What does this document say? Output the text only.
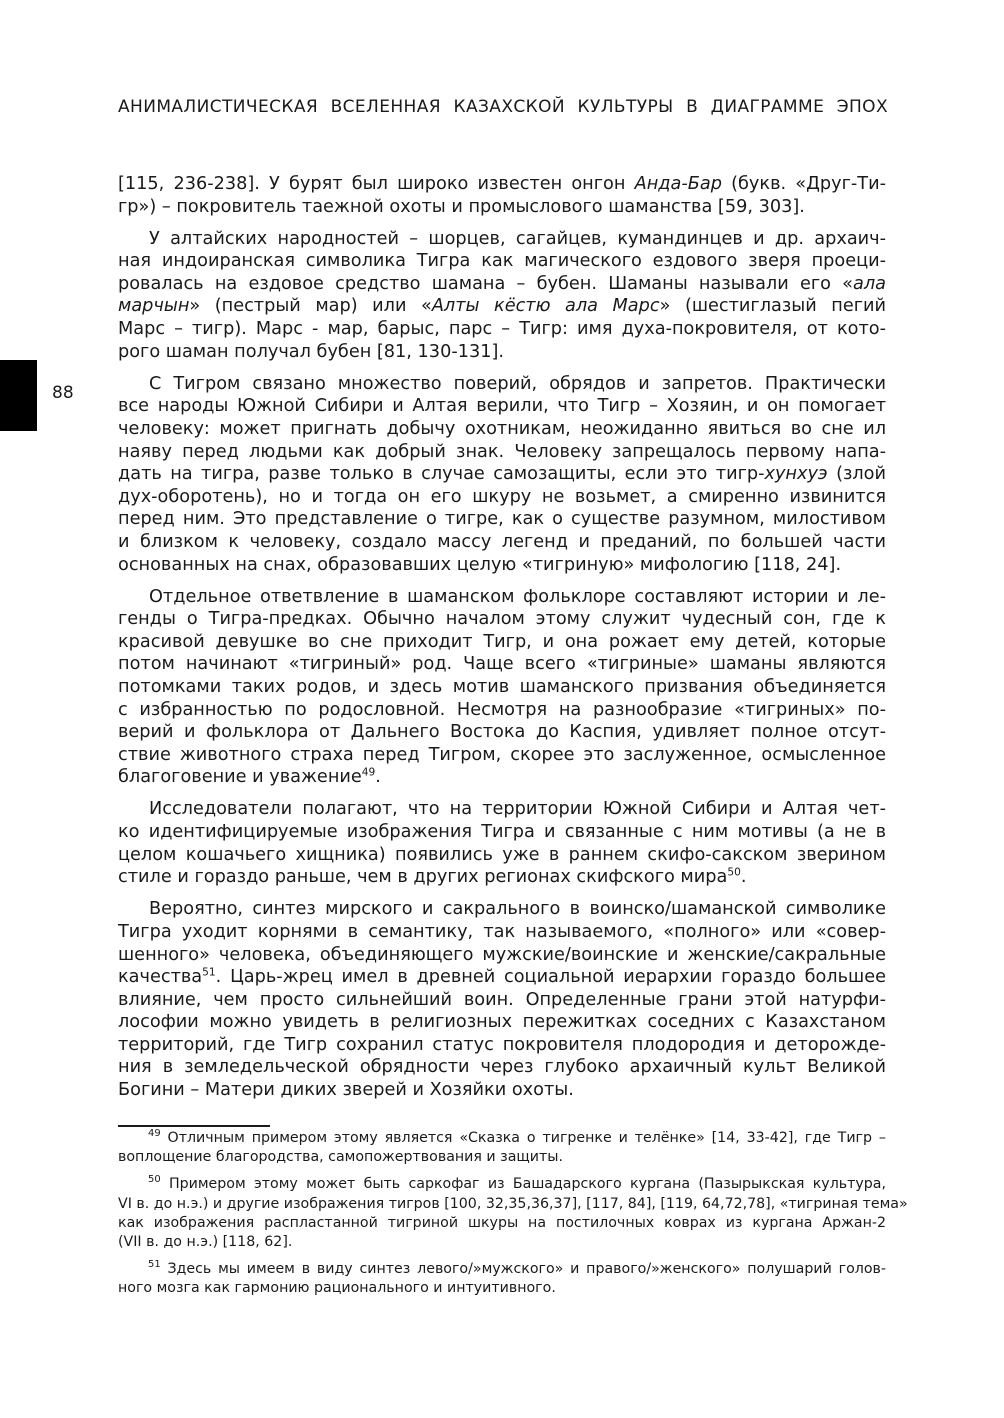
АНИМАЛИСТИЧЕСКАЯ ВСЕЛЕННАЯ КАЗАХСКОЙ КУЛЬТУРЫ В ДИАГРАММЕ ЭПОХ
88
[115, 236-238]. У бурят был широко известен онгон Анда-Бар (букв. «Друг-Ти-
гр») – покровитель таежной охоты и промыслового шаманства [59, 303].
У алтайских народностей – шорцев, сагайцев, кумандинцев и др. архаич-
ная индоиранская символика Тигра как магического ездового зверя проеци-
ровалась на ездовое средство шамана – бубен. Шаманы называли его «ала
марчын» (пестрый мар) или «Алты кёстю ала Марс» (шестиглазый пегий
Марс – тигр). Марс - мар, барыс, парс – Тигр: имя духа-покровителя, от кото-
рого шаман получал бубен [81, 130-131].
С Тигром связано множество поверий, обрядов и запретов. Практически
все народы Южной Сибири и Алтая верили, что Тигр – Хозяин, и он помогает
человеку: может пригнать добычу охотникам, неожиданно явиться во сне ил
наяву перед людьми как добрый знак. Человеку запрещалось первому напа-
дать на тигра, разве только в случае самозащиты, если это тигр-хунхуэ (злой
дух-оборотень), но и тогда он его шкуру не возьмет, а смиренно извинится
перед ним. Это представление о тигре, как о существе разумном, милостивом
и близком к человеку, создало массу легенд и преданий, по большей части
основанных на снах, образовавших целую «тигриную» мифологию [118, 24].
Отдельное ответвление в шаманском фольклоре составляют истории и ле-
генды о Тигра-предках. Обычно началом этому служит чудесный сон, где к
красивой девушке во сне приходит Тигр, и она рожает ему детей, которые
потом начинают «тигриный» род. Чаще всего «тигриные» шаманы являются
потомками таких родов, и здесь мотив шаманского призвания объединяется
с избранностью по родословной. Несмотря на разнообразие «тигриных» по-
верий и фольклора от Дальнего Востока до Каспия, удивляет полное отсут-
ствие животного страха перед Тигром, скорее это заслуженное, осмысленное
благоговение и уважение$^{49}$.
Исследователи полагают, что на территории Южной Сибири и Алтая чет-
ко идентифицируемые изображения Тигра и связанные с ним мотивы (а не в
целом кошачьего хищника) появились уже в раннем скифо-сакском зверином
стиле и гораздо раньше, чем в других регионах скифского мира$^{50}$.
Вероятно, синтез мирского и сакрального в воинско/шаманской символике
Тигра уходит корнями в семантику, так называемого, «полного» или «совер-
шенного» человека, объединяющего мужские/воинские и женские/сакральные
качества$^{51}$. Царь-жрец имел в древней социальной иерархии гораздо большее
влияние, чем просто сильнейший воин. Определенные грани этой натурфи-
лософии можно увидеть в религиозных пережитках соседних с Казахстаном
территорий, где Тигр сохранил статус покровителя плодородия и деторожде-
ния в земледельческой обрядности через глубоко архаичный культ Великой
Богини – Матери диких зверей и Хозяйки охоты.
$^{49}$ Отличным примером этому является «Сказка о тигренке и телёнке» [14, 33-42], где Тигр –
воплощение благородства, самопожертвования и защиты.
$^{50}$ Примером этому может быть саркофаг из Башадарского кургана (Пазырыкская культура,
VI в. до н.э.) и другие изображения тигров [100, 32,35,36,37], [117, 84], [119, 64,72,78], «тигриная тема»
как изображения распластанной тигриной шкуры на постилочных коврах из кургана Аржан-2
(VII в. до н.э.) [118, 62].
$^{51}$ Здесь мы имеем в виду синтез левого/»мужского» и правого/»женского» полушарий голов-
ного мозга как гармонию рационального и интуитивного.
